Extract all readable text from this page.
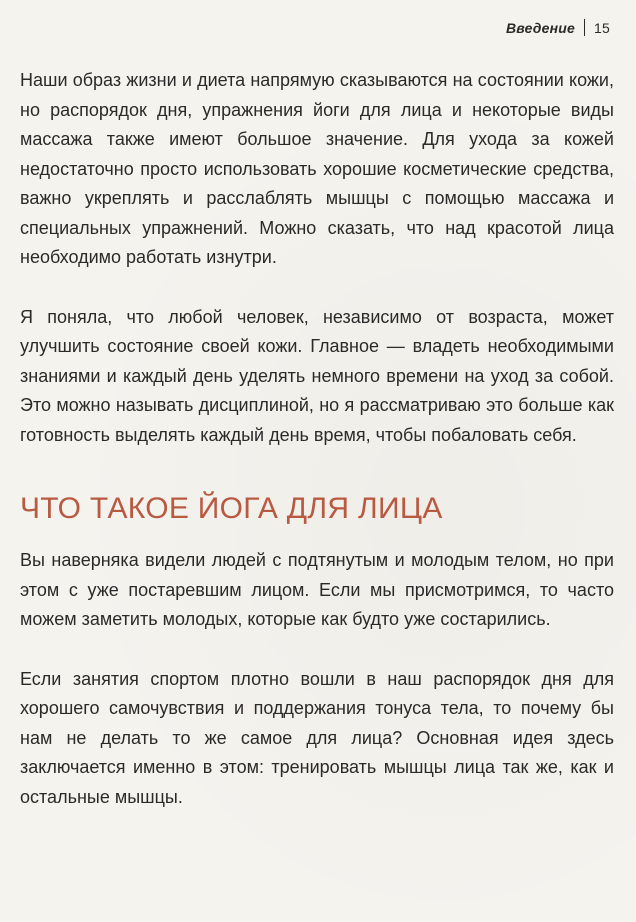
Введение 15

Наши образ жизни и диета напрямую сказываются на состоянии кожи, но распорядок дня, упражнения йоги для лица и некоторые виды массажа также имеют большое значение. Для ухода за кожей недостаточно просто использовать хорошие косметические средства, важно укреплять и расслаблять мышцы с помощью массажа и специальных упражнений. Можно сказать, что над красотой лица необходимо работать изнутри.

Я поняла, что любой человек, независимо от возраста, может улучшить состояние своей кожи. Главное — владеть необходимыми знаниями и каждый день уделять немного времени на уход за собой. Это можно называть дисциплиной, но я рассматриваю это больше как готовность выделять каждый день время, чтобы побаловать себя.

ЧТО ТАКОЕ ЙОГА ДЛЯ ЛИЦА

Вы наверняка видели людей с подтянутым и молодым телом, но при этом с уже постаревшим лицом. Если мы присмотримся, то часто можем заметить молодых, которые как будто уже состарились.

Если занятия спортом плотно вошли в наш распорядок дня для хорошего самочувствия и поддержания тонуса тела, то почему бы нам не делать то же самое для лица? Основная идея здесь заключается именно в этом: тренировать мышцы лица так же, как и остальные мышцы.
